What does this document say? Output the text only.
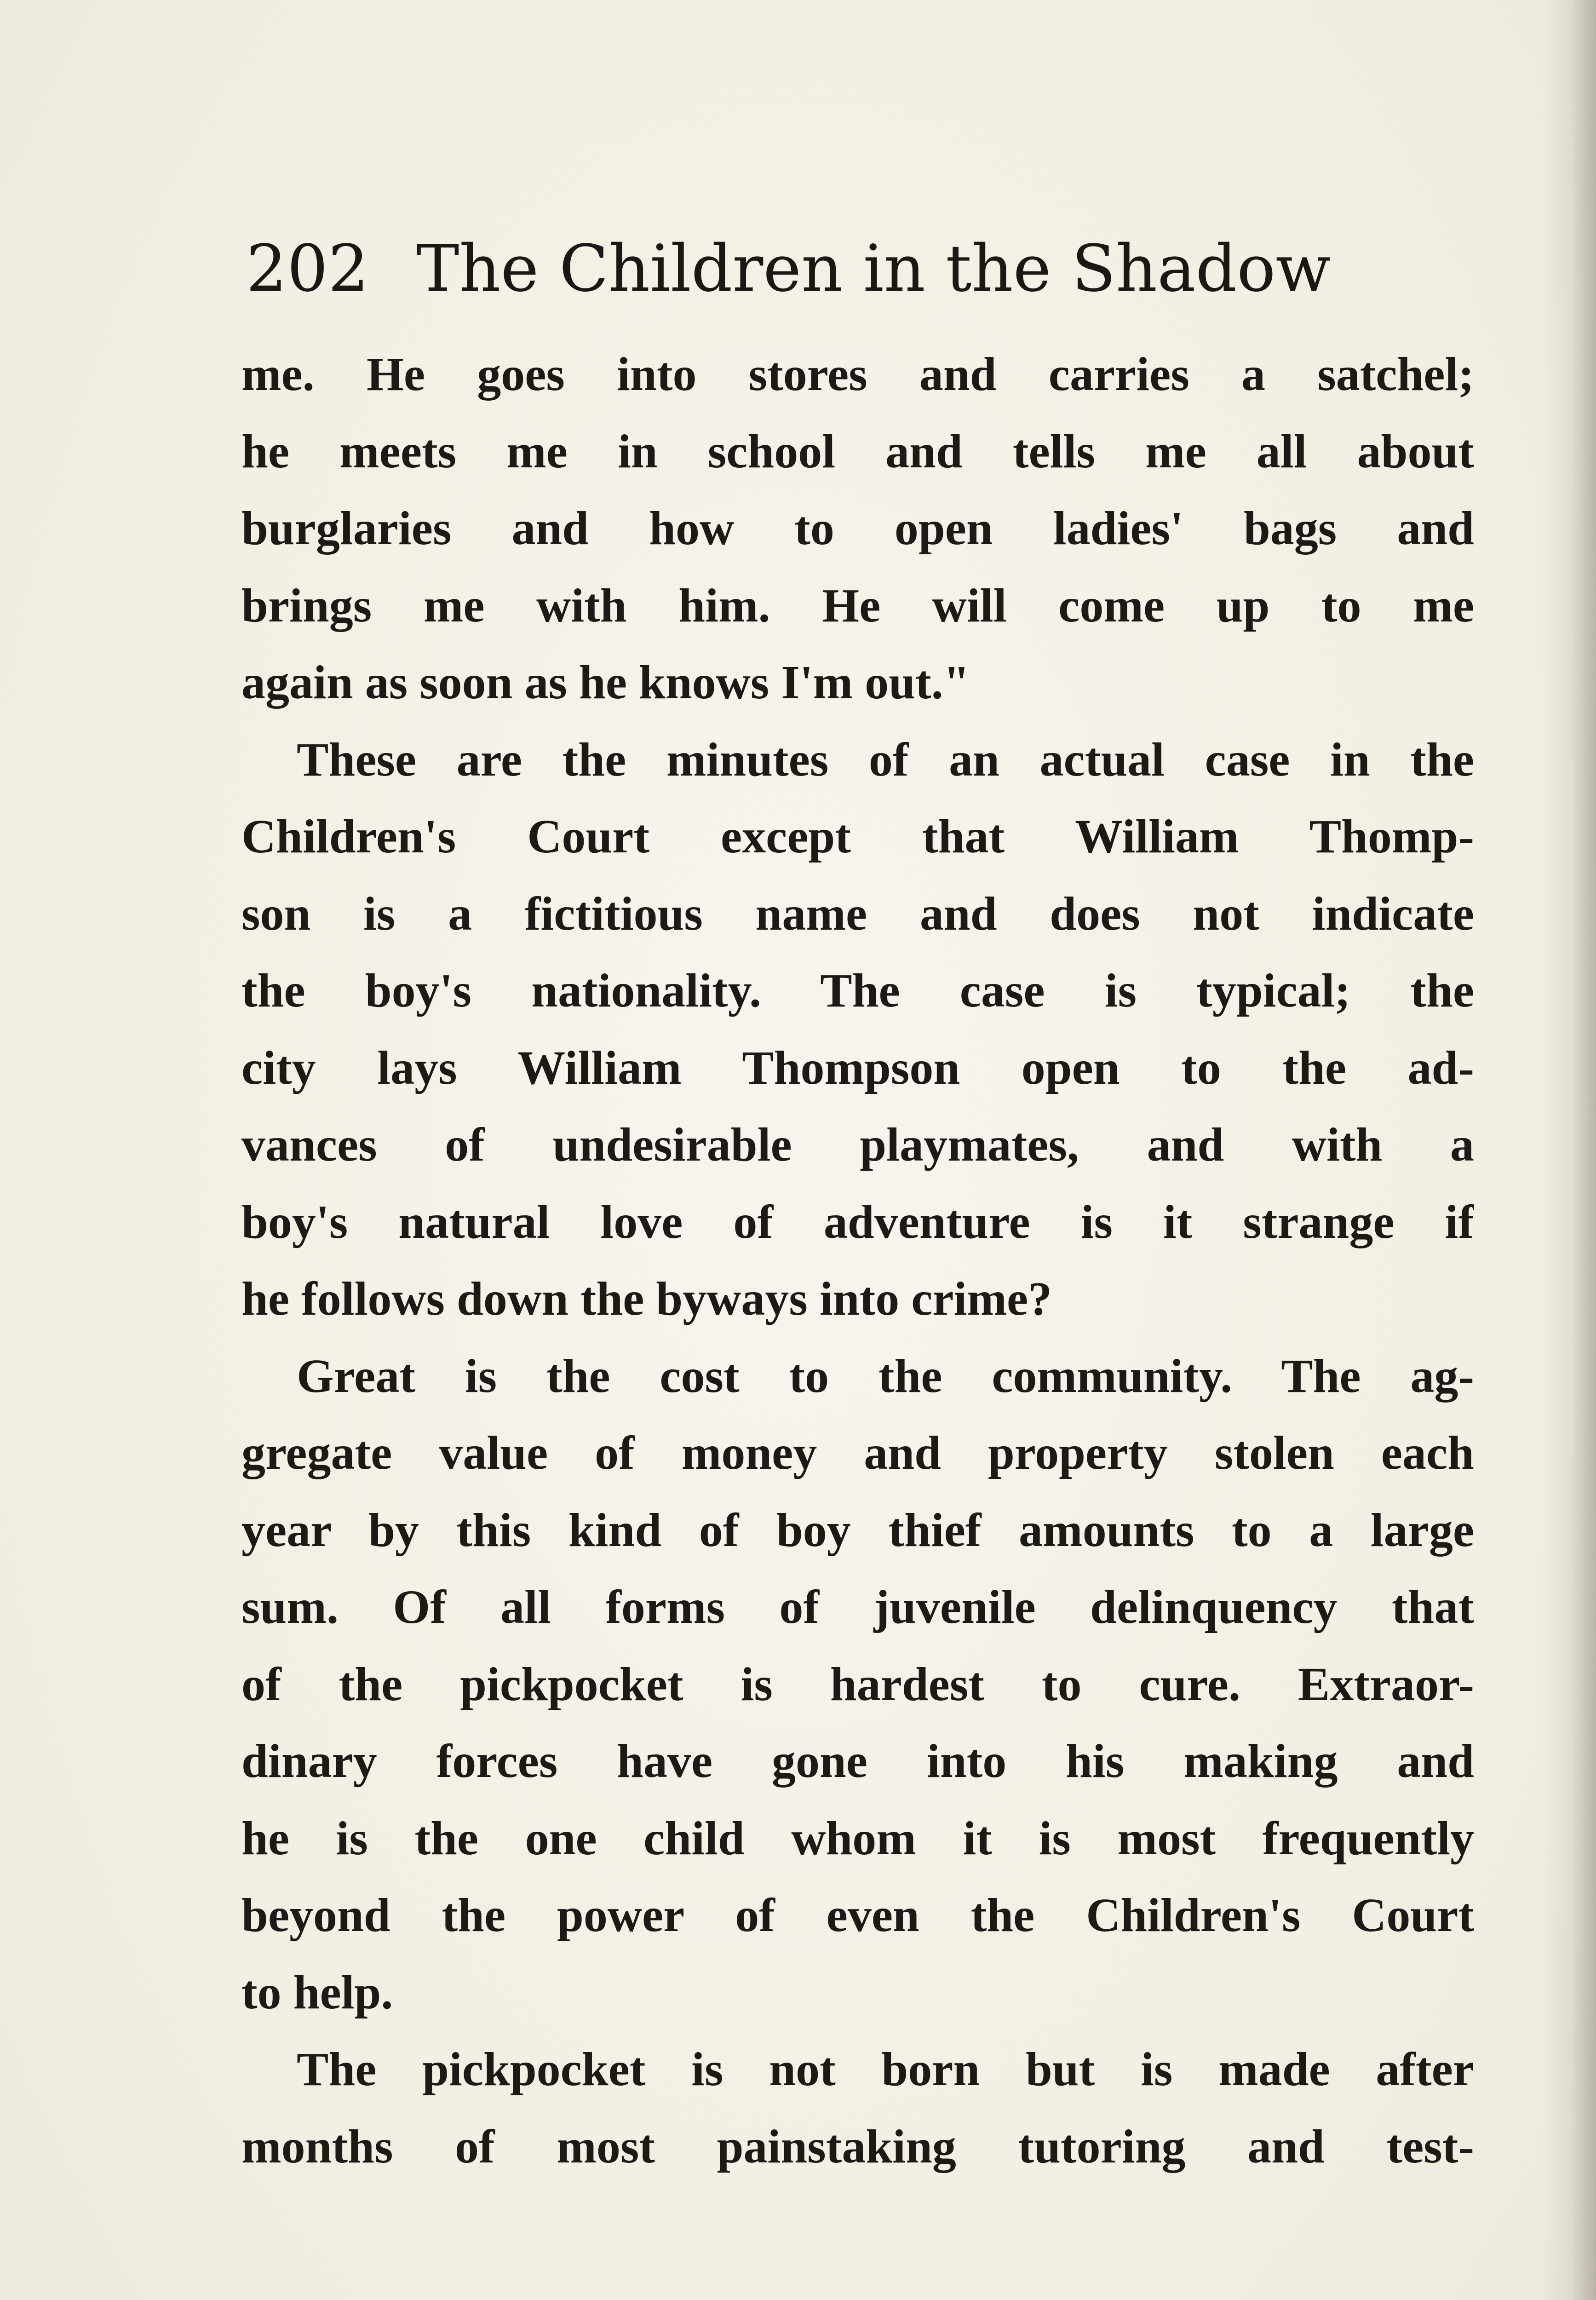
202 The Children in the Shadow
me. He goes into stores and carries a satchel;
he meets me in school and tells me all about
burglaries and how to open ladies' bags and
brings me with him. He will come up to me
again as soon as he knows I'm out."
These are the minutes of an actual case in the
Children's Court except that William Thomp-
son is a fictitious name and does not indicate
the boy's nationality. The case is typical; the
city lays William Thompson open to the ad-
vances of undesirable playmates, and with a
boy's natural love of adventure is it strange if
he follows down the byways into crime?
Great is the cost to the community. The ag-
gregate value of money and property stolen each
year by this kind of boy thief amounts to a large
sum. Of all forms of juvenile delinquency that
of the pickpocket is hardest to cure. Extraor-
dinary forces have gone into his making and
he is the one child whom it is most frequently
beyond the power of even the Children's Court
to help.
The pickpocket is not born but is made after
months of most painstaking tutoring and test-
